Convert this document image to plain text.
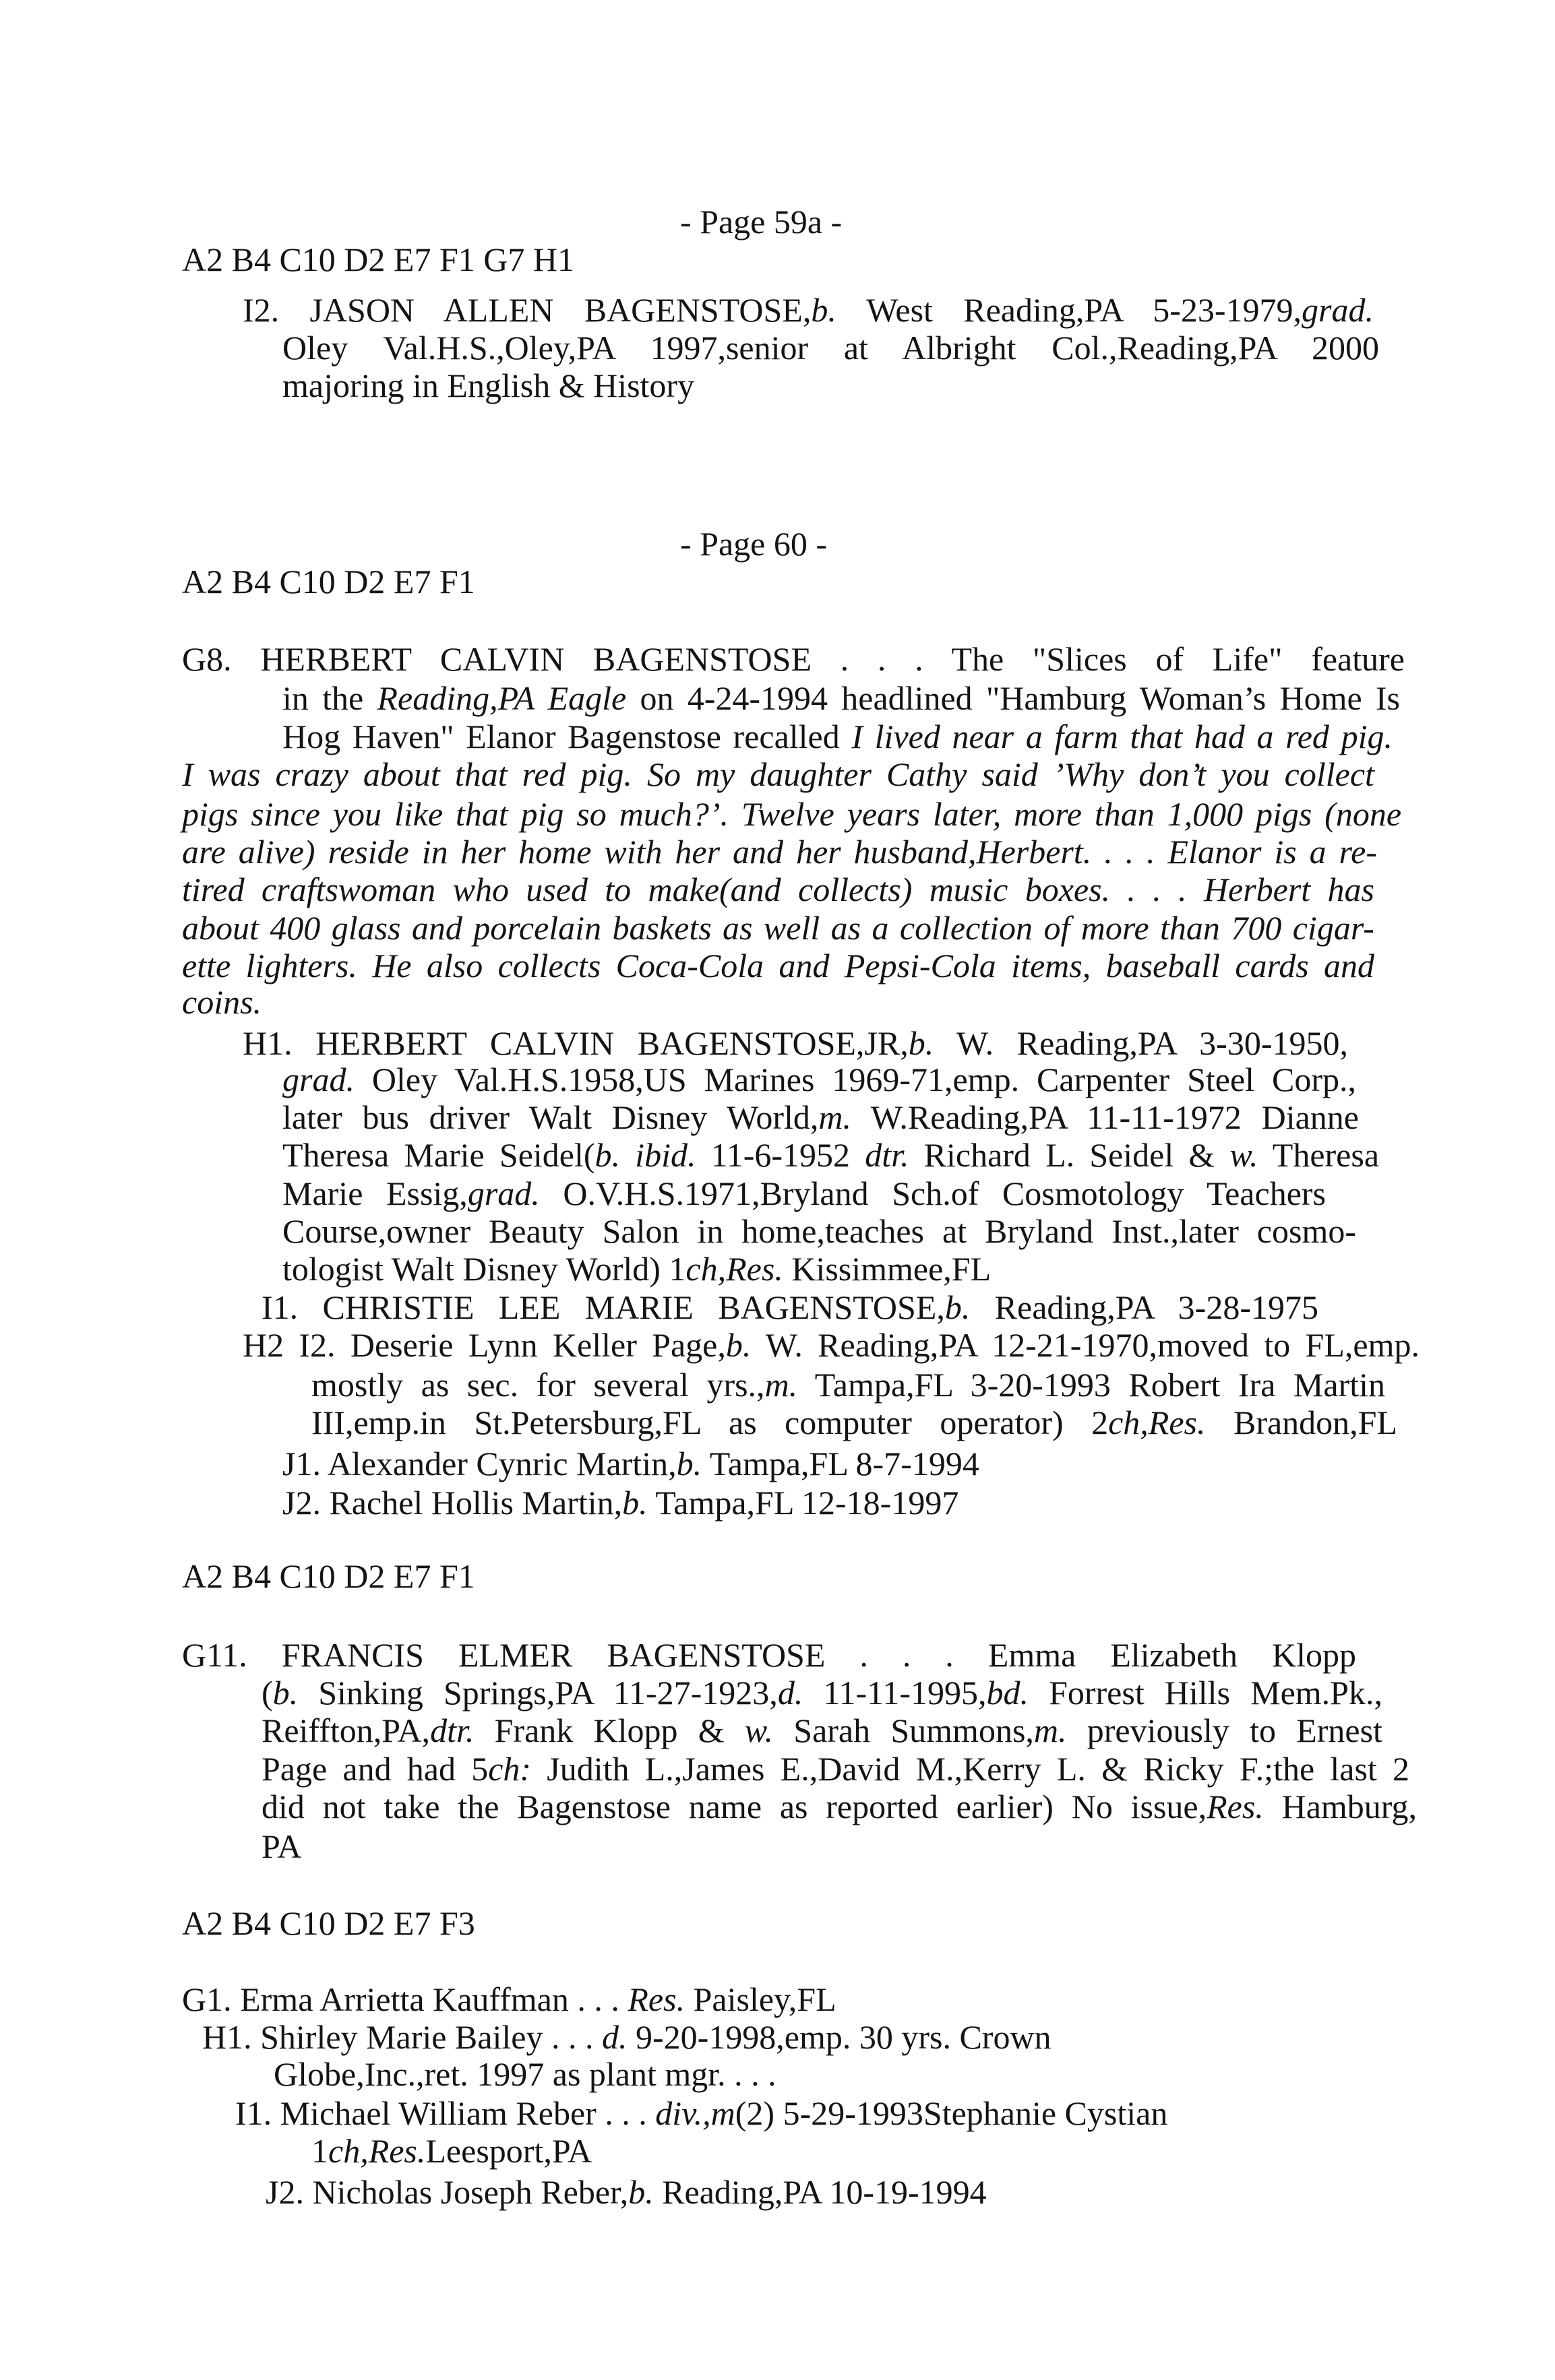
- Page 59a -
A2 B4 C10 D2 E7 F1 G7 H1
I2. JASON ALLEN BAGENSTOSE,b. West Reading,PA 5-23-1979,grad.
Oley Val.H.S.,Oley,PA 1997,senior at Albright Col.,Reading,PA 2000
majoring in English & History
- Page 60 -
A2 B4 C10 D2 E7 F1
G8. HERBERT CALVIN BAGENSTOSE . . . The "Slices of Life" feature
in the Reading,PA Eagle on 4-24-1994 headlined "Hamburg Woman’s Home Is
Hog Haven" Elanor Bagenstose recalled I lived near a farm that had a red pig.
I was crazy about that red pig. So my daughter Cathy said ’Why don’t you collect
pigs since you like that pig so much?’. Twelve years later, more than 1,000 pigs (none
are alive) reside in her home with her and her husband,Herbert. . . . Elanor is a re-
tired craftswoman who used to make(and collects) music boxes. . . . Herbert has
about 400 glass and porcelain baskets as well as a collection of more than 700 cigar-
ette lighters. He also collects Coca-Cola and Pepsi-Cola items, baseball cards and
coins.
H1. HERBERT CALVIN BAGENSTOSE,JR,b. W. Reading,PA 3-30-1950,
grad. Oley Val.H.S.1958,US Marines 1969-71,emp. Carpenter Steel Corp.,
later bus driver Walt Disney World,m. W.Reading,PA 11-11-1972 Dianne
Theresa Marie Seidel(b. ibid. 11-6-1952 dtr. Richard L. Seidel & w. Theresa
Marie Essig,grad. O.V.H.S.1971,Bryland Sch.of Cosmotology Teachers
Course,owner Beauty Salon in home,teaches at Bryland Inst.,later cosmo-
tologist Walt Disney World) 1ch,Res. Kissimmee,FL
I1. CHRISTIE LEE MARIE BAGENSTOSE,b. Reading,PA 3-28-1975
H2 I2. Deserie Lynn Keller Page,b. W. Reading,PA 12-21-1970,moved to FL,emp.
mostly as sec. for several yrs.,m. Tampa,FL 3-20-1993 Robert Ira Martin
III,emp.in St.Petersburg,FL as computer operator) 2ch,Res. Brandon,FL
J1. Alexander Cynric Martin,b. Tampa,FL 8-7-1994
J2. Rachel Hollis Martin,b. Tampa,FL 12-18-1997
A2 B4 C10 D2 E7 F1
G11. FRANCIS ELMER BAGENSTOSE . . . Emma Elizabeth Klopp
(b. Sinking Springs,PA 11-27-1923,d. 11-11-1995,bd. Forrest Hills Mem.Pk.,
Reiffton,PA,dtr. Frank Klopp & w. Sarah Summons,m. previously to Ernest
Page and had 5ch: Judith L.,James E.,David M.,Kerry L. & Ricky F.;the last 2
did not take the Bagenstose name as reported earlier) No issue,Res. Hamburg,
PA
A2 B4 C10 D2 E7 F3
G1. Erma Arrietta Kauffman . . . Res. Paisley,FL
H1. Shirley Marie Bailey . . . d. 9-20-1998,emp. 30 yrs. Crown
Globe,Inc.,ret. 1997 as plant mgr. . . .
I1. Michael William Reber . . . div.,m(2) 5-29-1993Stephanie Cystian
1ch,Res.Leesport,PA
J2. Nicholas Joseph Reber,b. Reading,PA 10-19-1994
